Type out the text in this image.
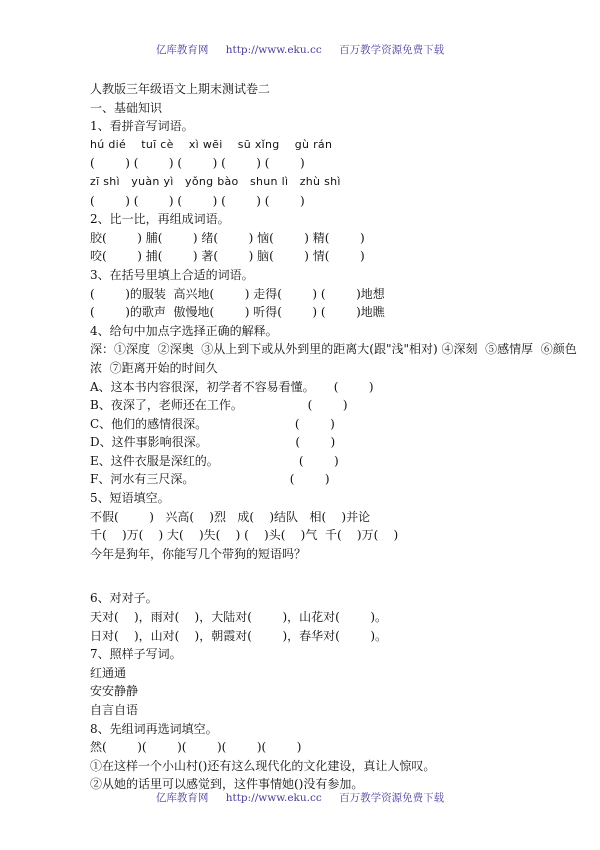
亿库教育网 http://www.eku.cc 百万教学资源免费下载
人教版三年级语文上期末测试卷二
一、基础知识
1、看拼音写词语。
hú dié    tuī cè    xì wēi    sū xǐng    gù rán
(        ) (        ) (        ) (        ) (        )
zī shì   yuàn yì   yǒng bào   shun lì   zhù shì
(        ) (        ) (        ) (        ) (        )
2、比一比，再组成词语。
胶(        ) 脯(        ) 绪(        ) 恼(        ) 精(        )
咬(        ) 捕(        ) 著(        ) 脑(        ) 情(        )
3、在括号里填上合适的词语。
(        )的服装  高兴地(        ) 走得(        ) (        )地想
(        )的歌声  傲慢地(        ) 听得(        ) (        )地瞧
4、给句中加点字选择正确的解释。
深：①深度  ②深奥  ③从上到下或从外到里的距离大(跟"浅"相对) ④深刻  ⑤感情厚  ⑥颜色
浓  ⑦距离开始的时间久
A、这本书内容很深，初学者不容易看懂。     (        )
B、夜深了，老师还在工作。                 (        )
C、他们的感情很深。                       (        )
D、这件事影响很深。                       (        )
E、这件衣服是深红的。                     (        )
F、河水有三尺深。                         (        )
5、短语填空。
不假(        )   兴高(    )烈   成(    )结队   相(    )并论
千(    )万(    ) 大(    )失(    ) (    )头(    )气  千(    )万(    )
今年是狗年，你能写几个带狗的短语吗？
6、对对子。
天对(    )，雨对(    )，大陆对(        )，山花对(        )。
日对(    )，山对(    )，朝霞对(        )，春华对(        )。
7、照样子写词。
红通通
安安静静
自言自语
8、先组词再选词填空。
然(        )(        )(        )(        )(        )
①在这样一个小山村()还有这么现代化的文化建设，真让人惊叹。
②从她的话里可以感觉到，这件事情她()没有参加。
亿库教育网 http://www.eku.cc 百万教学资源免费下载
